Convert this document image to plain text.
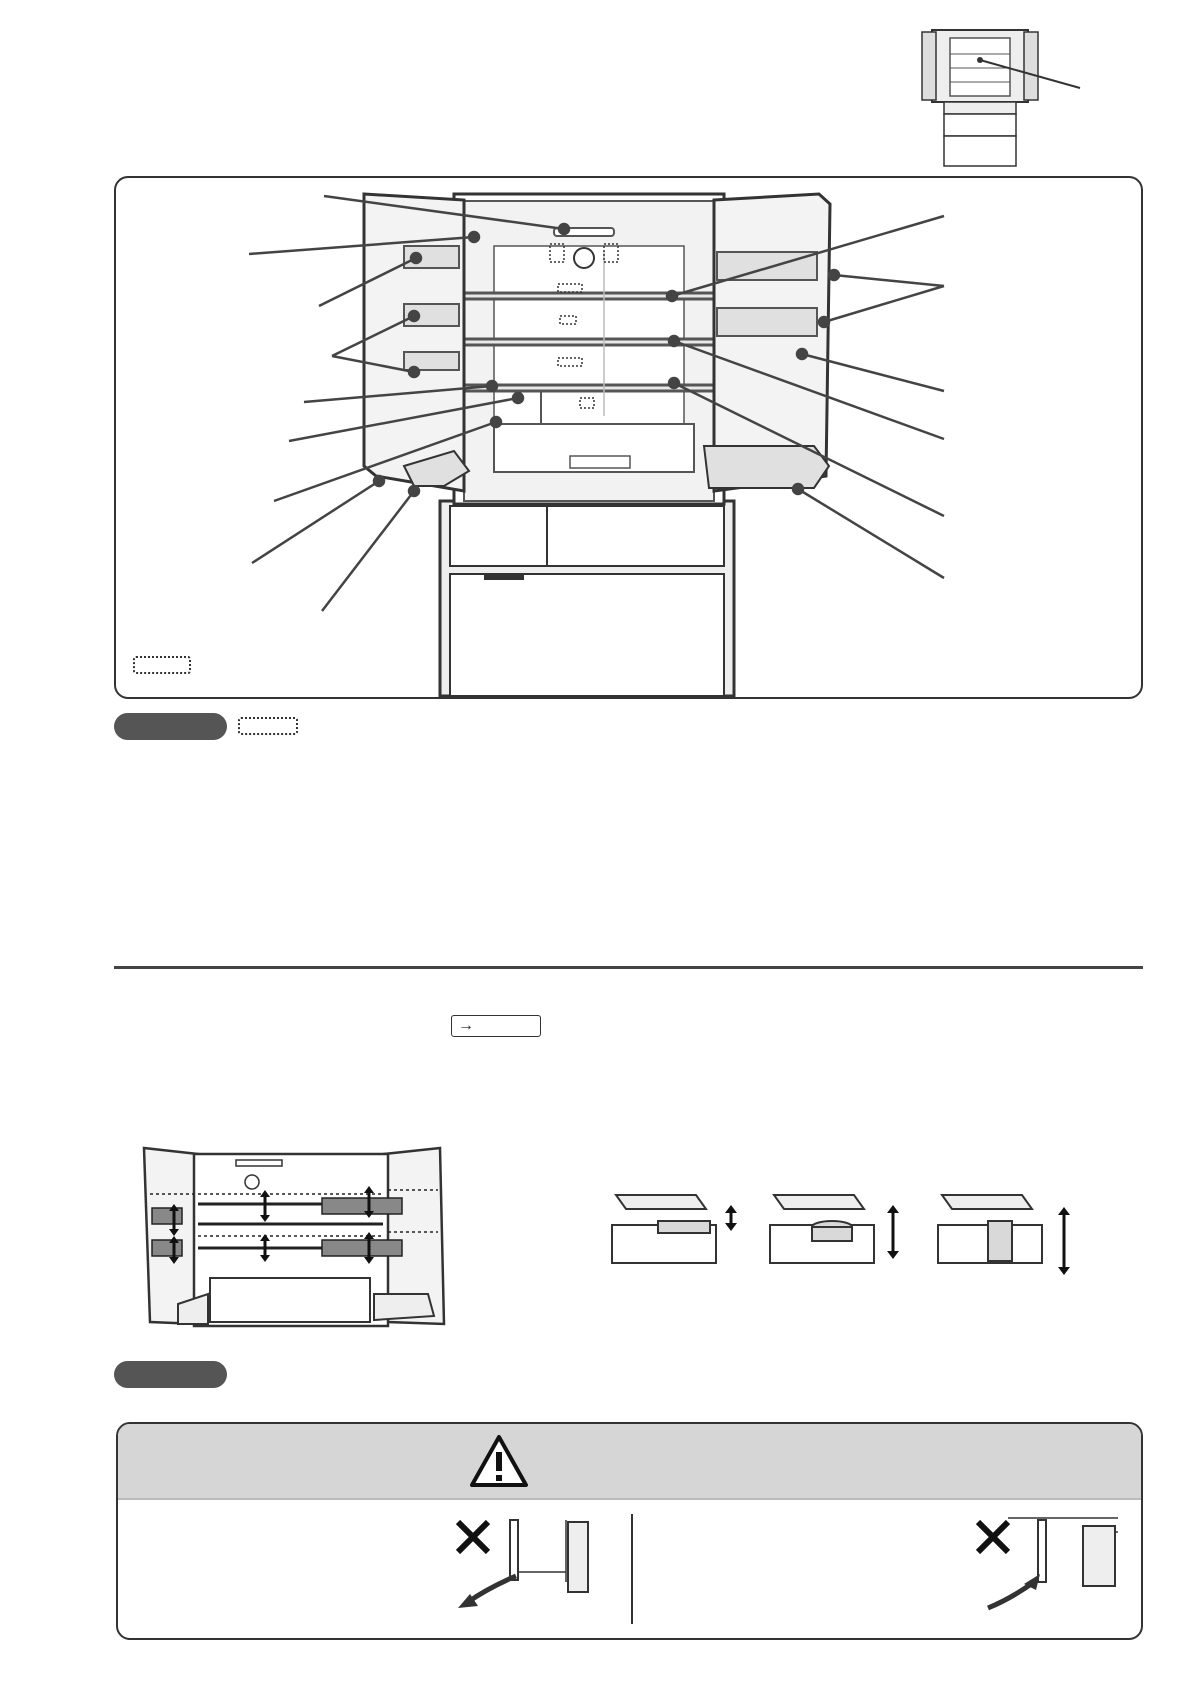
→
